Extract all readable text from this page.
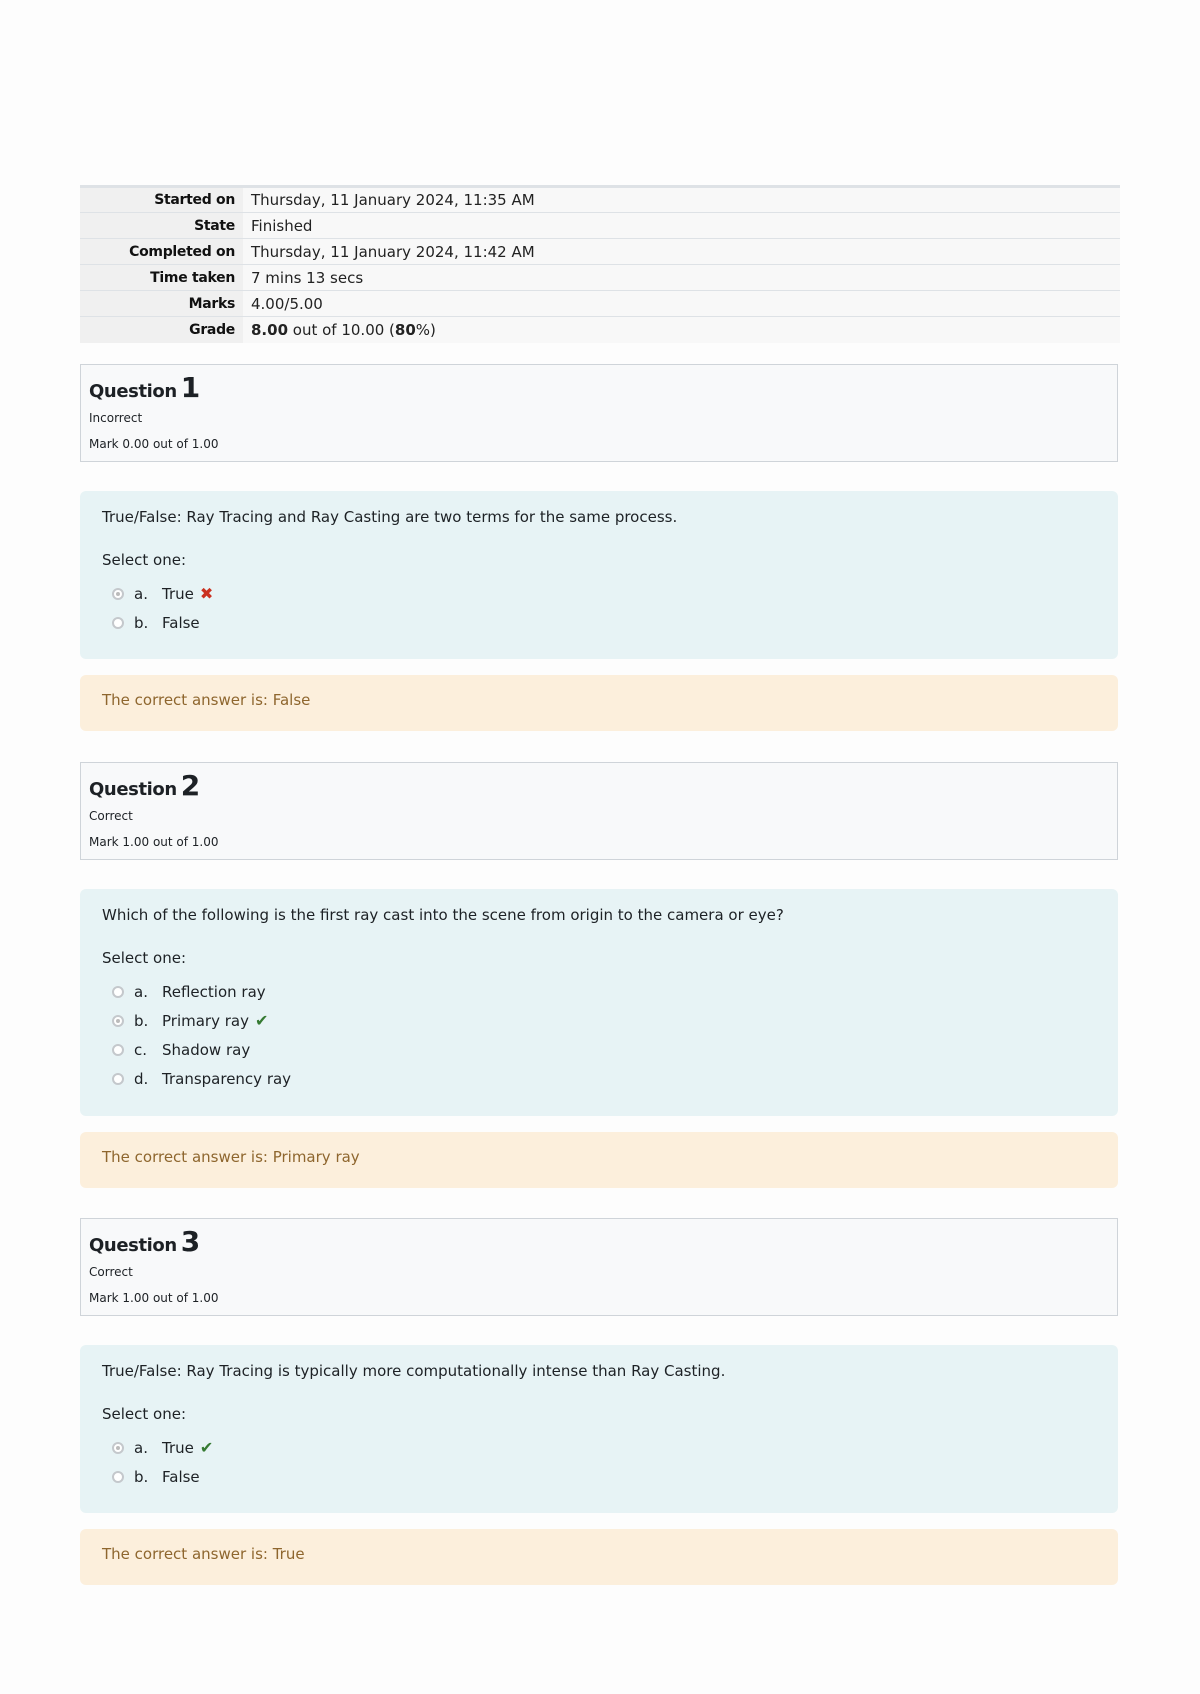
Started on	Thursday, 11 January 2024, 11:35 AM
State	Finished
Completed on	Thursday, 11 January 2024, 11:42 AM
Time taken	7 mins 13 secs
Marks	4.00/5.00
Grade	8.00 out of 10.00 (80%)
Question 1
Incorrect
Mark 0.00 out of 1.00
True/False: Ray Tracing and Ray Casting are two terms for the same process.
Select one:
a. True ✖
b. False
The correct answer is: False
Question 2
Correct
Mark 1.00 out of 1.00
Which of the following is the first ray cast into the scene from origin to the camera or eye?
Select one:
a. Reflection ray
b. Primary ray ✔
c. Shadow ray
d. Transparency ray
The correct answer is: Primary ray
Question 3
Correct
Mark 1.00 out of 1.00
True/False: Ray Tracing is typically more computationally intense than Ray Casting.
Select one:
a. True ✔
b. False
The correct answer is: True
